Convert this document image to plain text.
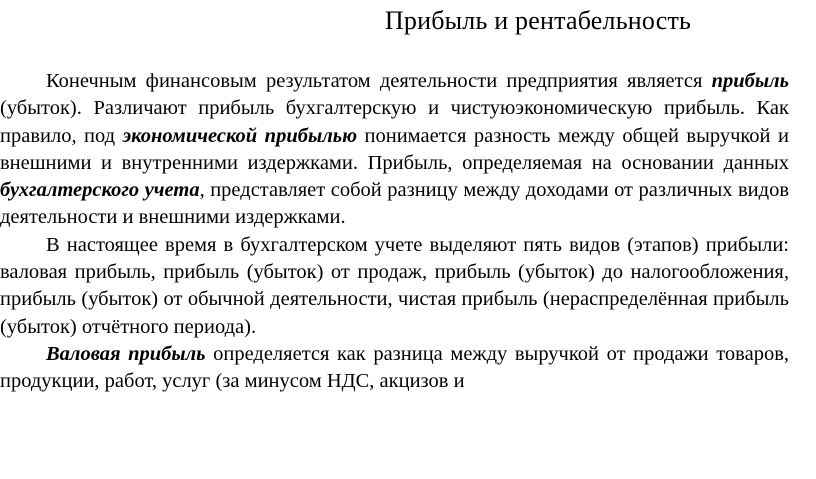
Прибыль и рентабельность

Конечным финансовым результатом деятельности предприятия является прибыль (убыток). Различают прибыль бухгалтерскую и чистуюэкономическую прибыль. Как правило, под экономической прибылью понимается разность между общей выручкой и внешними и внутренними издержками. Прибыль, определяемая на основании данных бухгалтерского учета, представляет собой разницу между доходами от различных видов деятельности и внешними издержками.

В настоящее время в бухгалтерском учете выделяют пять видов (этапов) прибыли: валовая прибыль, прибыль (убыток) от продаж, прибыль (убыток) до налогообложения, прибыль (убыток) от обычной деятельности, чистая прибыль (нераспределённая прибыль (убыток) отчётного периода).

Валовая прибыль определяется как разница между выручкой от продажи товаров, продукции, работ, услуг (за минусом НДС, акцизов и
